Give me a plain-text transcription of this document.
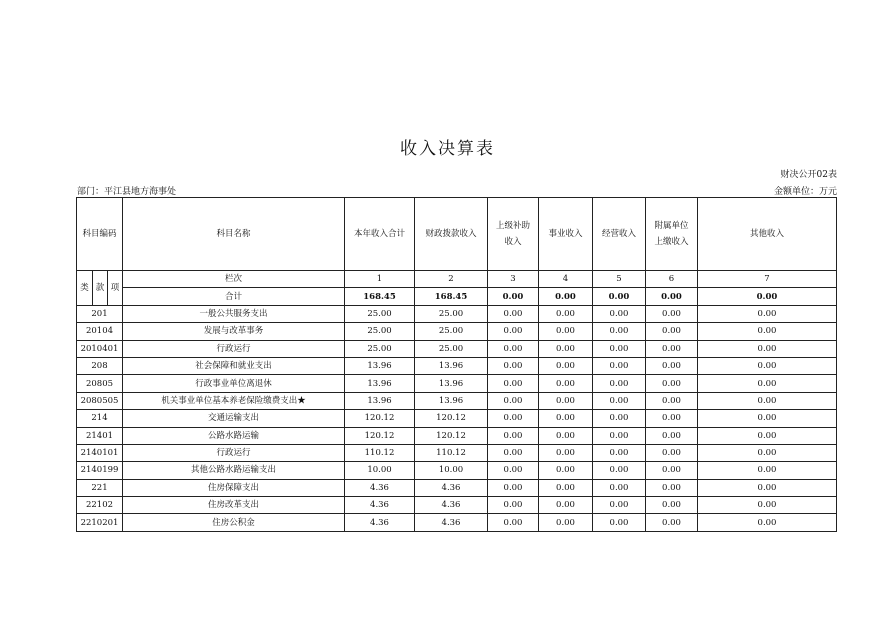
收入决算表
财决公开02表
部门：平江县地方海事处	金额单位：万元
科目编码			科目名称	本年收入合计	财政拨款收入	上级补助收入	事业收入	经营收入	附属单位上缴收入	其他收入
类	款	项	栏次	1	2	3	4	5	6	7
			合计	168.45	168.45	0.00	0.00	0.00	0.00	0.00
201			一般公共服务支出	25.00	25.00	0.00	0.00	0.00	0.00	0.00
20104			发展与改革事务	25.00	25.00	0.00	0.00	0.00	0.00	0.00
2010401			行政运行	25.00	25.00	0.00	0.00	0.00	0.00	0.00
208			社会保障和就业支出	13.96	13.96	0.00	0.00	0.00	0.00	0.00
20805			行政事业单位离退休	13.96	13.96	0.00	0.00	0.00	0.00	0.00
2080505			机关事业单位基本养老保险缴费支出★	13.96	13.96	0.00	0.00	0.00	0.00	0.00
214			交通运输支出	120.12	120.12	0.00	0.00	0.00	0.00	0.00
21401			公路水路运输	120.12	120.12	0.00	0.00	0.00	0.00	0.00
2140101			行政运行	110.12	110.12	0.00	0.00	0.00	0.00	0.00
2140199			其他公路水路运输支出	10.00	10.00	0.00	0.00	0.00	0.00	0.00
221			住房保障支出	4.36	4.36	0.00	0.00	0.00	0.00	0.00
22102			住房改革支出	4.36	4.36	0.00	0.00	0.00	0.00	0.00
2210201			住房公积金	4.36	4.36	0.00	0.00	0.00	0.00	0.00
